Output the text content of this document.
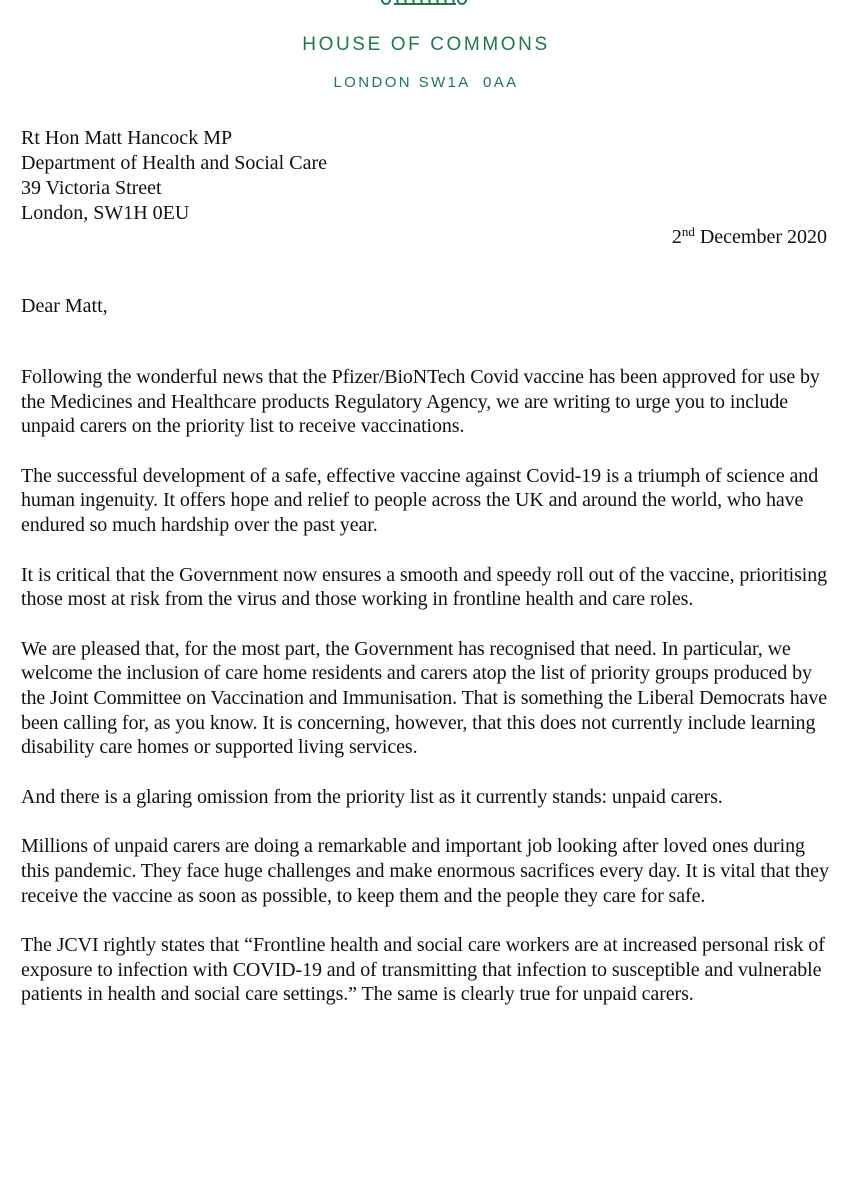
HOUSE OF COMMONS
LONDON SW1A  0AA
Rt Hon Matt Hancock MP
Department of Health and Social Care
39 Victoria Street
London, SW1H 0EU
2nd December 2020
Dear Matt,

Following the wonderful news that the Pfizer/BioNTech Covid vaccine has been approved for use by the Medicines and Healthcare products Regulatory Agency, we are writing to urge you to include unpaid carers on the priority list to receive vaccinations.

The successful development of a safe, effective vaccine against Covid-19 is a triumph of science and human ingenuity. It offers hope and relief to people across the UK and around the world, who have endured so much hardship over the past year.

It is critical that the Government now ensures a smooth and speedy roll out of the vaccine, prioritising those most at risk from the virus and those working in frontline health and care roles.

We are pleased that, for the most part, the Government has recognised that need. In particular, we welcome the inclusion of care home residents and carers atop the list of priority groups produced by the Joint Committee on Vaccination and Immunisation. That is something the Liberal Democrats have been calling for, as you know. It is concerning, however, that this does not currently include learning disability care homes or supported living services.

And there is a glaring omission from the priority list as it currently stands: unpaid carers.

Millions of unpaid carers are doing a remarkable and important job looking after loved ones during this pandemic. They face huge challenges and make enormous sacrifices every day. It is vital that they receive the vaccine as soon as possible, to keep them and the people they care for safe.

The JCVI rightly states that “Frontline health and social care workers are at increased personal risk of exposure to infection with COVID-19 and of transmitting that infection to susceptible and vulnerable patients in health and social care settings.” The same is clearly true for unpaid carers.
